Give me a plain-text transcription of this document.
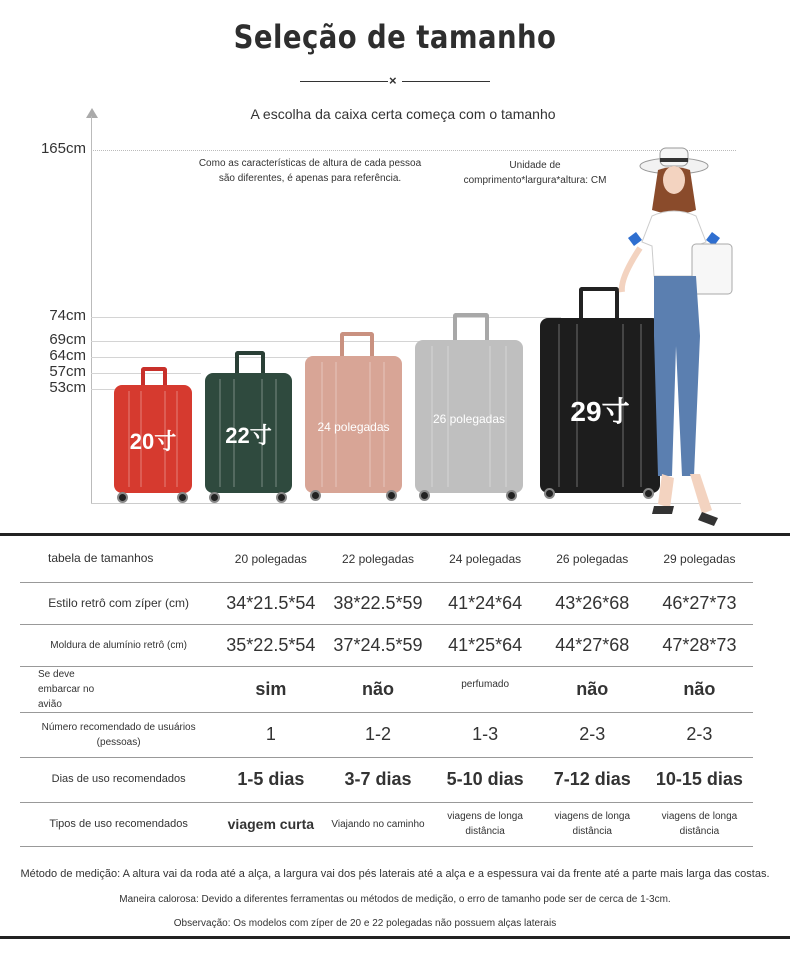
Seleção de tamanho
×
A escolha da caixa certa começa com o tamanho
165cm
74cm
69cm
64cm
57cm
53cm
Como as características de altura de cada pessoa são diferentes, é apenas para referência.
Unidade de comprimento*largura*altura: CM
20寸	22寸	24 polegadas
26 polegadas	29寸
tabela de tamanhos	20 polegadas	22 polegadas	24 polegadas	26 polegadas	29 polegadas
Estilo retrô com zíper (cm)	34*21.5*54	38*22.5*59	41*24*64	43*26*68	46*27*73
Moldura de alumínio retrô (cm)	35*22.5*54	37*24.5*59	41*25*64	44*27*68	47*28*73
Se deve embarcar no avião	sim	não	perfumado	não	não
Número recomendado de usuários (pessoas)	1	1-2	1-3	2-3	2-3
Dias de uso recomendados	1-5 dias	3-7 dias	5-10 dias	7-12 dias	10-15 dias
Tipos de uso recomendados	viagem curta	Viajando no caminho	viagens de longa distância	viagens de longa distância	viagens de longa distância
Método de medição: A altura vai da roda até a alça, a largura vai dos pés laterais até a alça e a espessura vai da frente até a parte mais larga das costas.
Maneira calorosa: Devido a diferentes ferramentas ou métodos de medição, o erro de tamanho pode ser de cerca de 1-3cm.
Observação: Os modelos com zíper de 20 e 22 polegadas não possuem alças laterais
